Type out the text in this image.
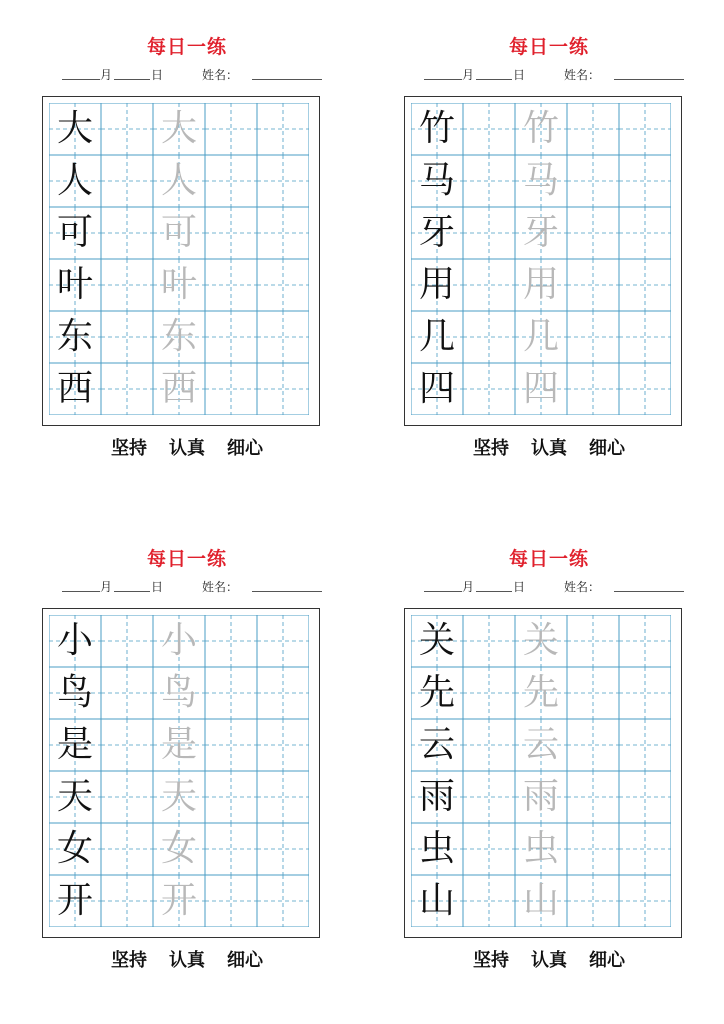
每日一练
月	日	姓名：
大 大
人 人
可 可
叶 叶
东 东
西 西
坚持 认真 细心
每日一练
月	日	姓名：
竹 竹
马 马
牙 牙
用 用
几 几
四 四
坚持 认真 细心
每日一练
月	日	姓名：
小 小
鸟 鸟
是 是
天 天
女 女
开 开
坚持 认真 细心
每日一练
月	日	姓名：
关 关
先 先
云 云
雨 雨
虫 虫
山 山
坚持 认真 细心
